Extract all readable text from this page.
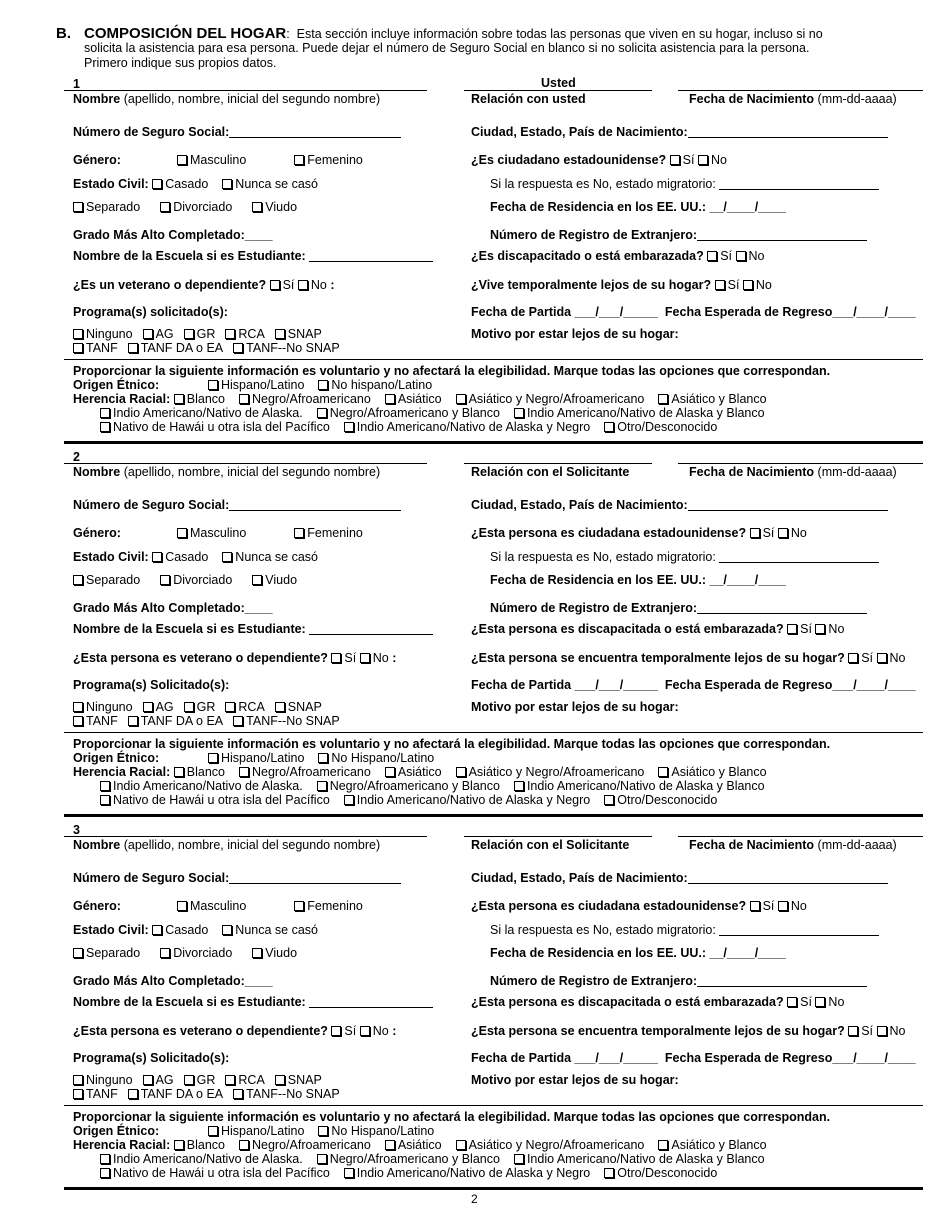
B. COMPOSICIÓN DEL HOGAR:  Esta sección incluye información sobre todas las personas que viven en su hogar, incluso si no
solicita la asistencia para esa persona. Puede dejar el número de Seguro Social en blanco si no solicita asistencia para la persona.
Primero indique sus propios datos.
1	Usted
Nombre (apellido, nombre, inicial del segundo nombre)	Relación con usted	Fecha de Nacimiento (mm-dd-aaaa)
Número de Seguro Social:	Ciudad, Estado, País de Nacimiento:
Género:	Masculino	Femenino	¿Es ciudadano estadounidense? Sí No
Estado Civil: Casado Nunca se casó	Si la respuesta es No, estado migratorio:
Separado	Divorciado	Viudo	Fecha de Residencia en los EE. UU.: __/____/____
Grado Más Alto Completado:____	Número de Registro de Extranjero:
Nombre de la Escuela si es Estudiante:	¿Es discapacitado o está embarazada? Sí No
¿Es un veterano o dependiente? Sí No :	¿Vive temporalmente lejos de su hogar? Sí No
Programa(s) solicitado(s):	Fecha de Partida ___/___/_____ Fecha Esperada de Regreso___/____/____
Ninguno AG GR RCA SNAP	Motivo por estar lejos de su hogar:
TANF TANF DA o EA TANF--No SNAP
Proporcionar la siguiente información es voluntario y no afectará la elegibilidad. Marque todas las opciones que correspondan.
Origen Étnico:	Hispano/Latino No hispano/Latino
Herencia Racial: Blanco Negro/Afroamericano Asiático Asiático y Negro/Afroamericano Asiático y Blanco
Indio Americano/Nativo de Alaska. Negro/Afroamericano y Blanco Indio Americano/Nativo de Alaska y Blanco
Nativo de Hawái u otra isla del Pacífico Indio Americano/Nativo de Alaska y Negro Otro/Desconocido
2
Nombre (apellido, nombre, inicial del segundo nombre)	Relación con el Solicitante	Fecha de Nacimiento (mm-dd-aaaa)
Número de Seguro Social:	Ciudad, Estado, País de Nacimiento:
Género:	Masculino	Femenino	¿Esta persona es ciudadana estadounidense? Sí No
Estado Civil: Casado Nunca se casó	Si la respuesta es No, estado migratorio:
Separado	Divorciado	Viudo	Fecha de Residencia en los EE. UU.: __/____/____
Grado Más Alto Completado:____	Número de Registro de Extranjero:
Nombre de la Escuela si es Estudiante:	¿Esta persona es discapacitada o está embarazada? Sí No
¿Esta persona es veterano o dependiente? Sí No :	¿Esta persona se encuentra temporalmente lejos de su hogar? Sí No
Programa(s) Solicitado(s):	Fecha de Partida ___/___/_____ Fecha Esperada de Regreso___/____/____
Ninguno AG GR RCA SNAP	Motivo por estar lejos de su hogar:
TANF TANF DA o EA TANF--No SNAP
Proporcionar la siguiente información es voluntario y no afectará la elegibilidad. Marque todas las opciones que correspondan.
Origen Étnico:	Hispano/Latino No Hispano/Latino
Herencia Racial: Blanco Negro/Afroamericano Asiático Asiático y Negro/Afroamericano Asiático y Blanco
Indio Americano/Nativo de Alaska. Negro/Afroamericano y Blanco Indio Americano/Nativo de Alaska y Blanco
Nativo de Hawái u otra isla del Pacífico Indio Americano/Nativo de Alaska y Negro Otro/Desconocido
3
Nombre (apellido, nombre, inicial del segundo nombre)	Relación con el Solicitante	Fecha de Nacimiento (mm-dd-aaaa)
Número de Seguro Social:	Ciudad, Estado, País de Nacimiento:
Género:	Masculino	Femenino	¿Esta persona es ciudadana estadounidense? Sí No
Estado Civil: Casado Nunca se casó	Si la respuesta es No, estado migratorio:
Separado	Divorciado	Viudo	Fecha de Residencia en los EE. UU.: __/____/____
Grado Más Alto Completado:____	Número de Registro de Extranjero:
Nombre de la Escuela si es Estudiante:	¿Esta persona es discapacitada o está embarazada? Sí No
¿Esta persona es veterano o dependiente? Sí No :	¿Esta persona se encuentra temporalmente lejos de su hogar? Sí No
Programa(s) Solicitado(s):	Fecha de Partida ___/___/_____ Fecha Esperada de Regreso___/____/____
Ninguno AG GR RCA SNAP	Motivo por estar lejos de su hogar:
TANF TANF DA o EA TANF--No SNAP
Proporcionar la siguiente información es voluntario y no afectará la elegibilidad. Marque todas las opciones que correspondan.
Origen Étnico:	Hispano/Latino No Hispano/Latino
Herencia Racial: Blanco Negro/Afroamericano Asiático Asiático y Negro/Afroamericano Asiático y Blanco
Indio Americano/Nativo de Alaska. Negro/Afroamericano y Blanco Indio Americano/Nativo de Alaska y Blanco
Nativo de Hawái u otra isla del Pacífico Indio Americano/Nativo de Alaska y Negro Otro/Desconocido
2
